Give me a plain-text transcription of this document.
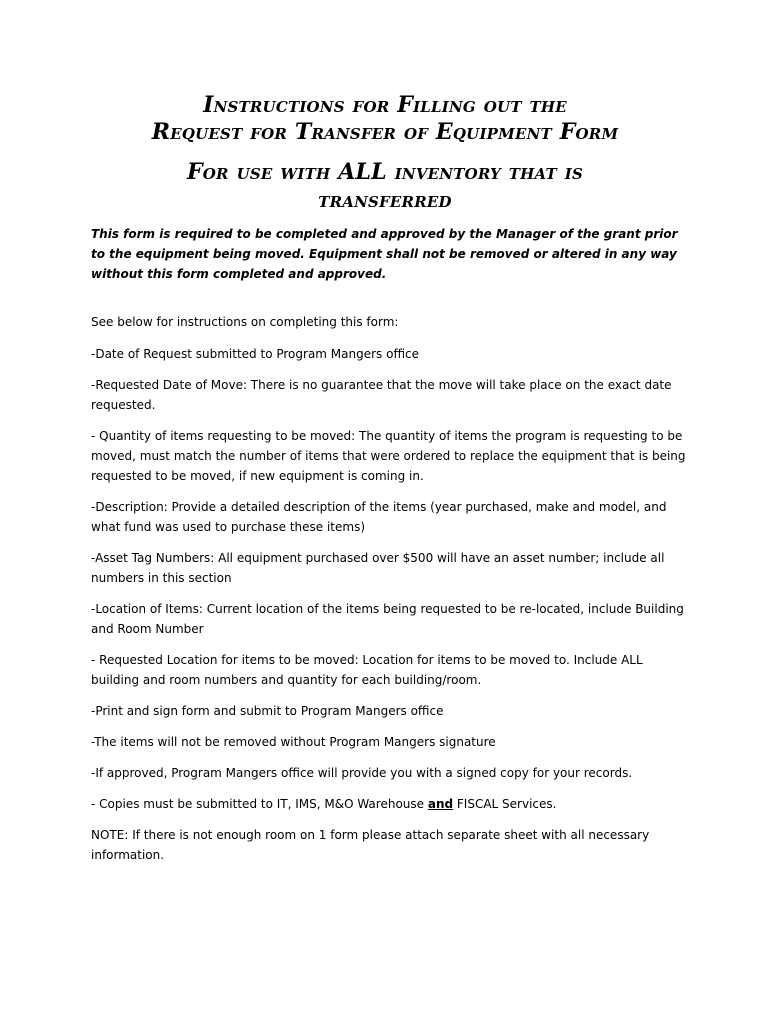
Instructions for Filling out the
Request for Transfer of Equipment Form
For use with ALL inventory that is
transferred

This form is required to be completed and approved by the Manager of the grant prior to the equipment being moved. Equipment shall not be removed or altered in any way without this form completed and approved.

See below for instructions on completing this form:

-Date of Request submitted to Program Mangers office

-Requested Date of Move: There is no guarantee that the move will take place on the exact date requested.

- Quantity of items requesting to be moved: The quantity of items the program is requesting to be moved, must match the number of items that were ordered to replace the equipment that is being requested to be moved, if new equipment is coming in.

-Description: Provide a detailed description of the items (year purchased, make and model, and what fund was used to purchase these items)

-Asset Tag Numbers: All equipment purchased over $500 will have an asset number; include all numbers in this section

-Location of Items: Current location of the items being requested to be re-located, include Building and Room Number

- Requested Location for items to be moved: Location for items to be moved to. Include ALL building and room numbers and quantity for each building/room.

-Print and sign form and submit to Program Mangers office

-The items will not be removed without Program Mangers signature

-If approved, Program Mangers office will provide you with a signed copy for your records.

- Copies must be submitted to IT, IMS, M&O Warehouse and FISCAL Services.

NOTE: If there is not enough room on 1 form please attach separate sheet with all necessary information.
